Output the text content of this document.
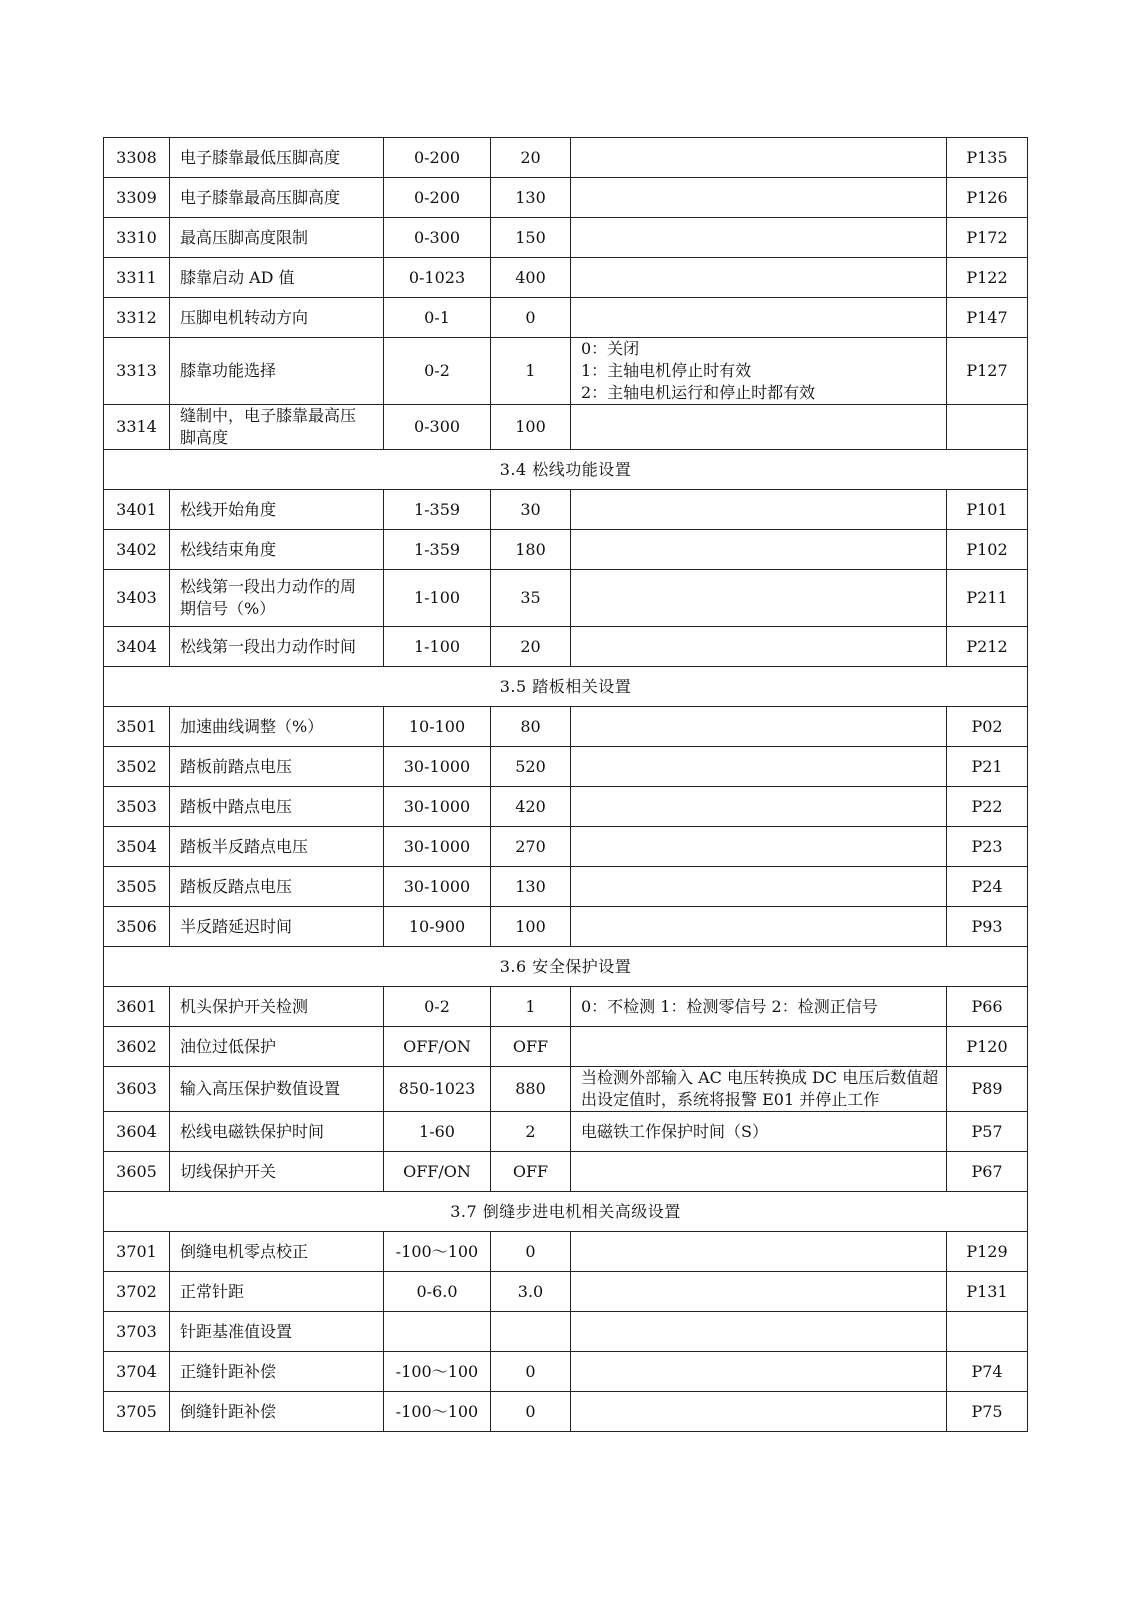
3308	电子膝靠最低压脚高度	0-200	20		P135
3309	电子膝靠最高压脚高度	0-200	130		P126
3310	最高压脚高度限制	0-300	150		P172
3311	膝靠启动 AD 值	0-1023	400		P122
3312	压脚电机转动方向	0-1	0		P147
3313	膝靠功能选择	0-2	1	0：关闭
1：主轴电机停止时有效
2：主轴电机运行和停止时都有效	P127
3314	缝制中，电子膝靠最高压
脚高度	0-300	100		
3.4 松线功能设置					
3401	松线开始角度	1-359	30		P101
3402	松线结束角度	1-359	180		P102
3403	松线第一段出力动作的周
期信号（%）	1-100	35		P211
3404	松线第一段出力动作时间	1-100	20		P212
3.5 踏板相关设置					
3501	加速曲线调整（%）	10-100	80		P02
3502	踏板前踏点电压	30-1000	520		P21
3503	踏板中踏点电压	30-1000	420		P22
3504	踏板半反踏点电压	30-1000	270		P23
3505	踏板反踏点电压	30-1000	130		P24
3506	半反踏延迟时间	10-900	100		P93
3.6 安全保护设置					
3601	机头保护开关检测	0-2	1	0：不检测 1：检测零信号 2：检测正信号	P66
3602	油位过低保护	OFF/ON	OFF		P120
3603	输入高压保护数值设置	850-1023	880	当检测外部输入 AC 电压转换成 DC 电压后数值超
出设定值时，系统将报警 E01 并停止工作	P89
3604	松线电磁铁保护时间	1-60	2	电磁铁工作保护时间（S）	P57
3605	切线保护开关	OFF/ON	OFF		P67
3.7 倒缝步进电机相关高级设置					
3701	倒缝电机零点校正	-100～100	0		P129
3702	正常针距	0-6.0	3.0		P131
3703	针距基准值设置				

3704	正缝针距补偿	-100～100	0		P74
3705	倒缝针距补偿	-100～100	0		P75
